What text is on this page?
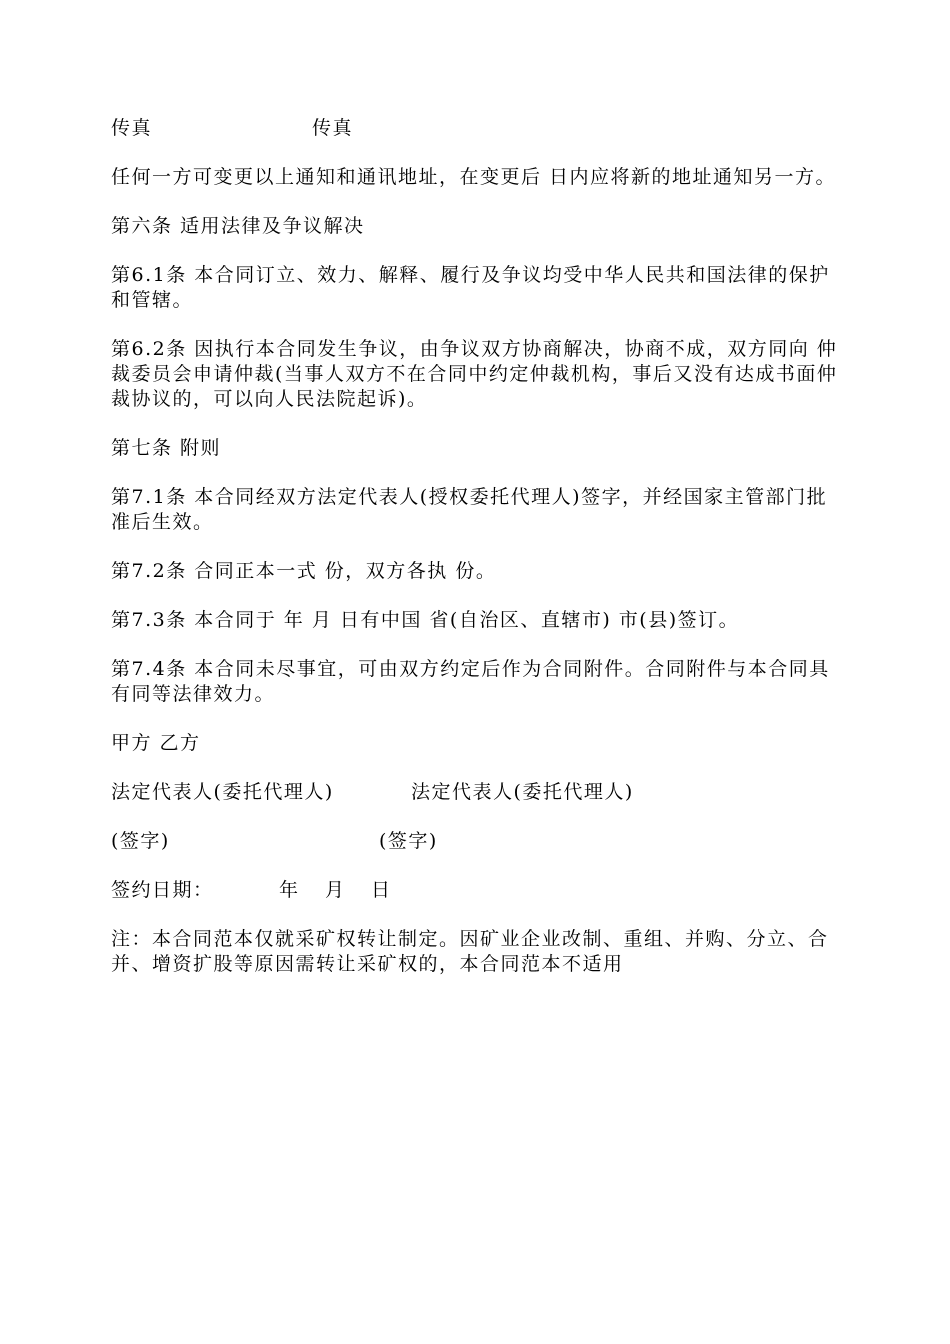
传真	传真

任何一方可变更以上通知和通讯地址，在变更后 日内应将新的地址通知另一方。

第六条 适用法律及争议解决

第6.1条 本合同订立、效力、解释、履行及争议均受中华人民共和国法律的保护和管辖。

第6.2条 因执行本合同发生争议，由争议双方协商解决，协商不成，双方同向 仲裁委员会申请仲裁(当事人双方不在合同中约定仲裁机构，事后又没有达成书面仲裁协议的，可以向人民法院起诉)。

第七条 附则

第7.1条 本合同经双方法定代表人(授权委托代理人)签字，并经国家主管部门批准后生效。

第7.2条 合同正本一式 份，双方各执 份。

第7.3条 本合同于 年 月 日有中国 省(自治区、直辖市) 市(县)签订。

第7.4条 本合同未尽事宜，可由双方约定后作为合同附件。合同附件与本合同具有同等法律效力。

甲方 乙方

法定代表人(委托代理人)	法定代表人(委托代理人)
(签字)	(签字)
签约日期：	年	月	日

注：本合同范本仅就采矿权转让制定。因矿业企业改制、重组、并购、分立、合并、增资扩股等原因需转让采矿权的，本合同范本不适用
